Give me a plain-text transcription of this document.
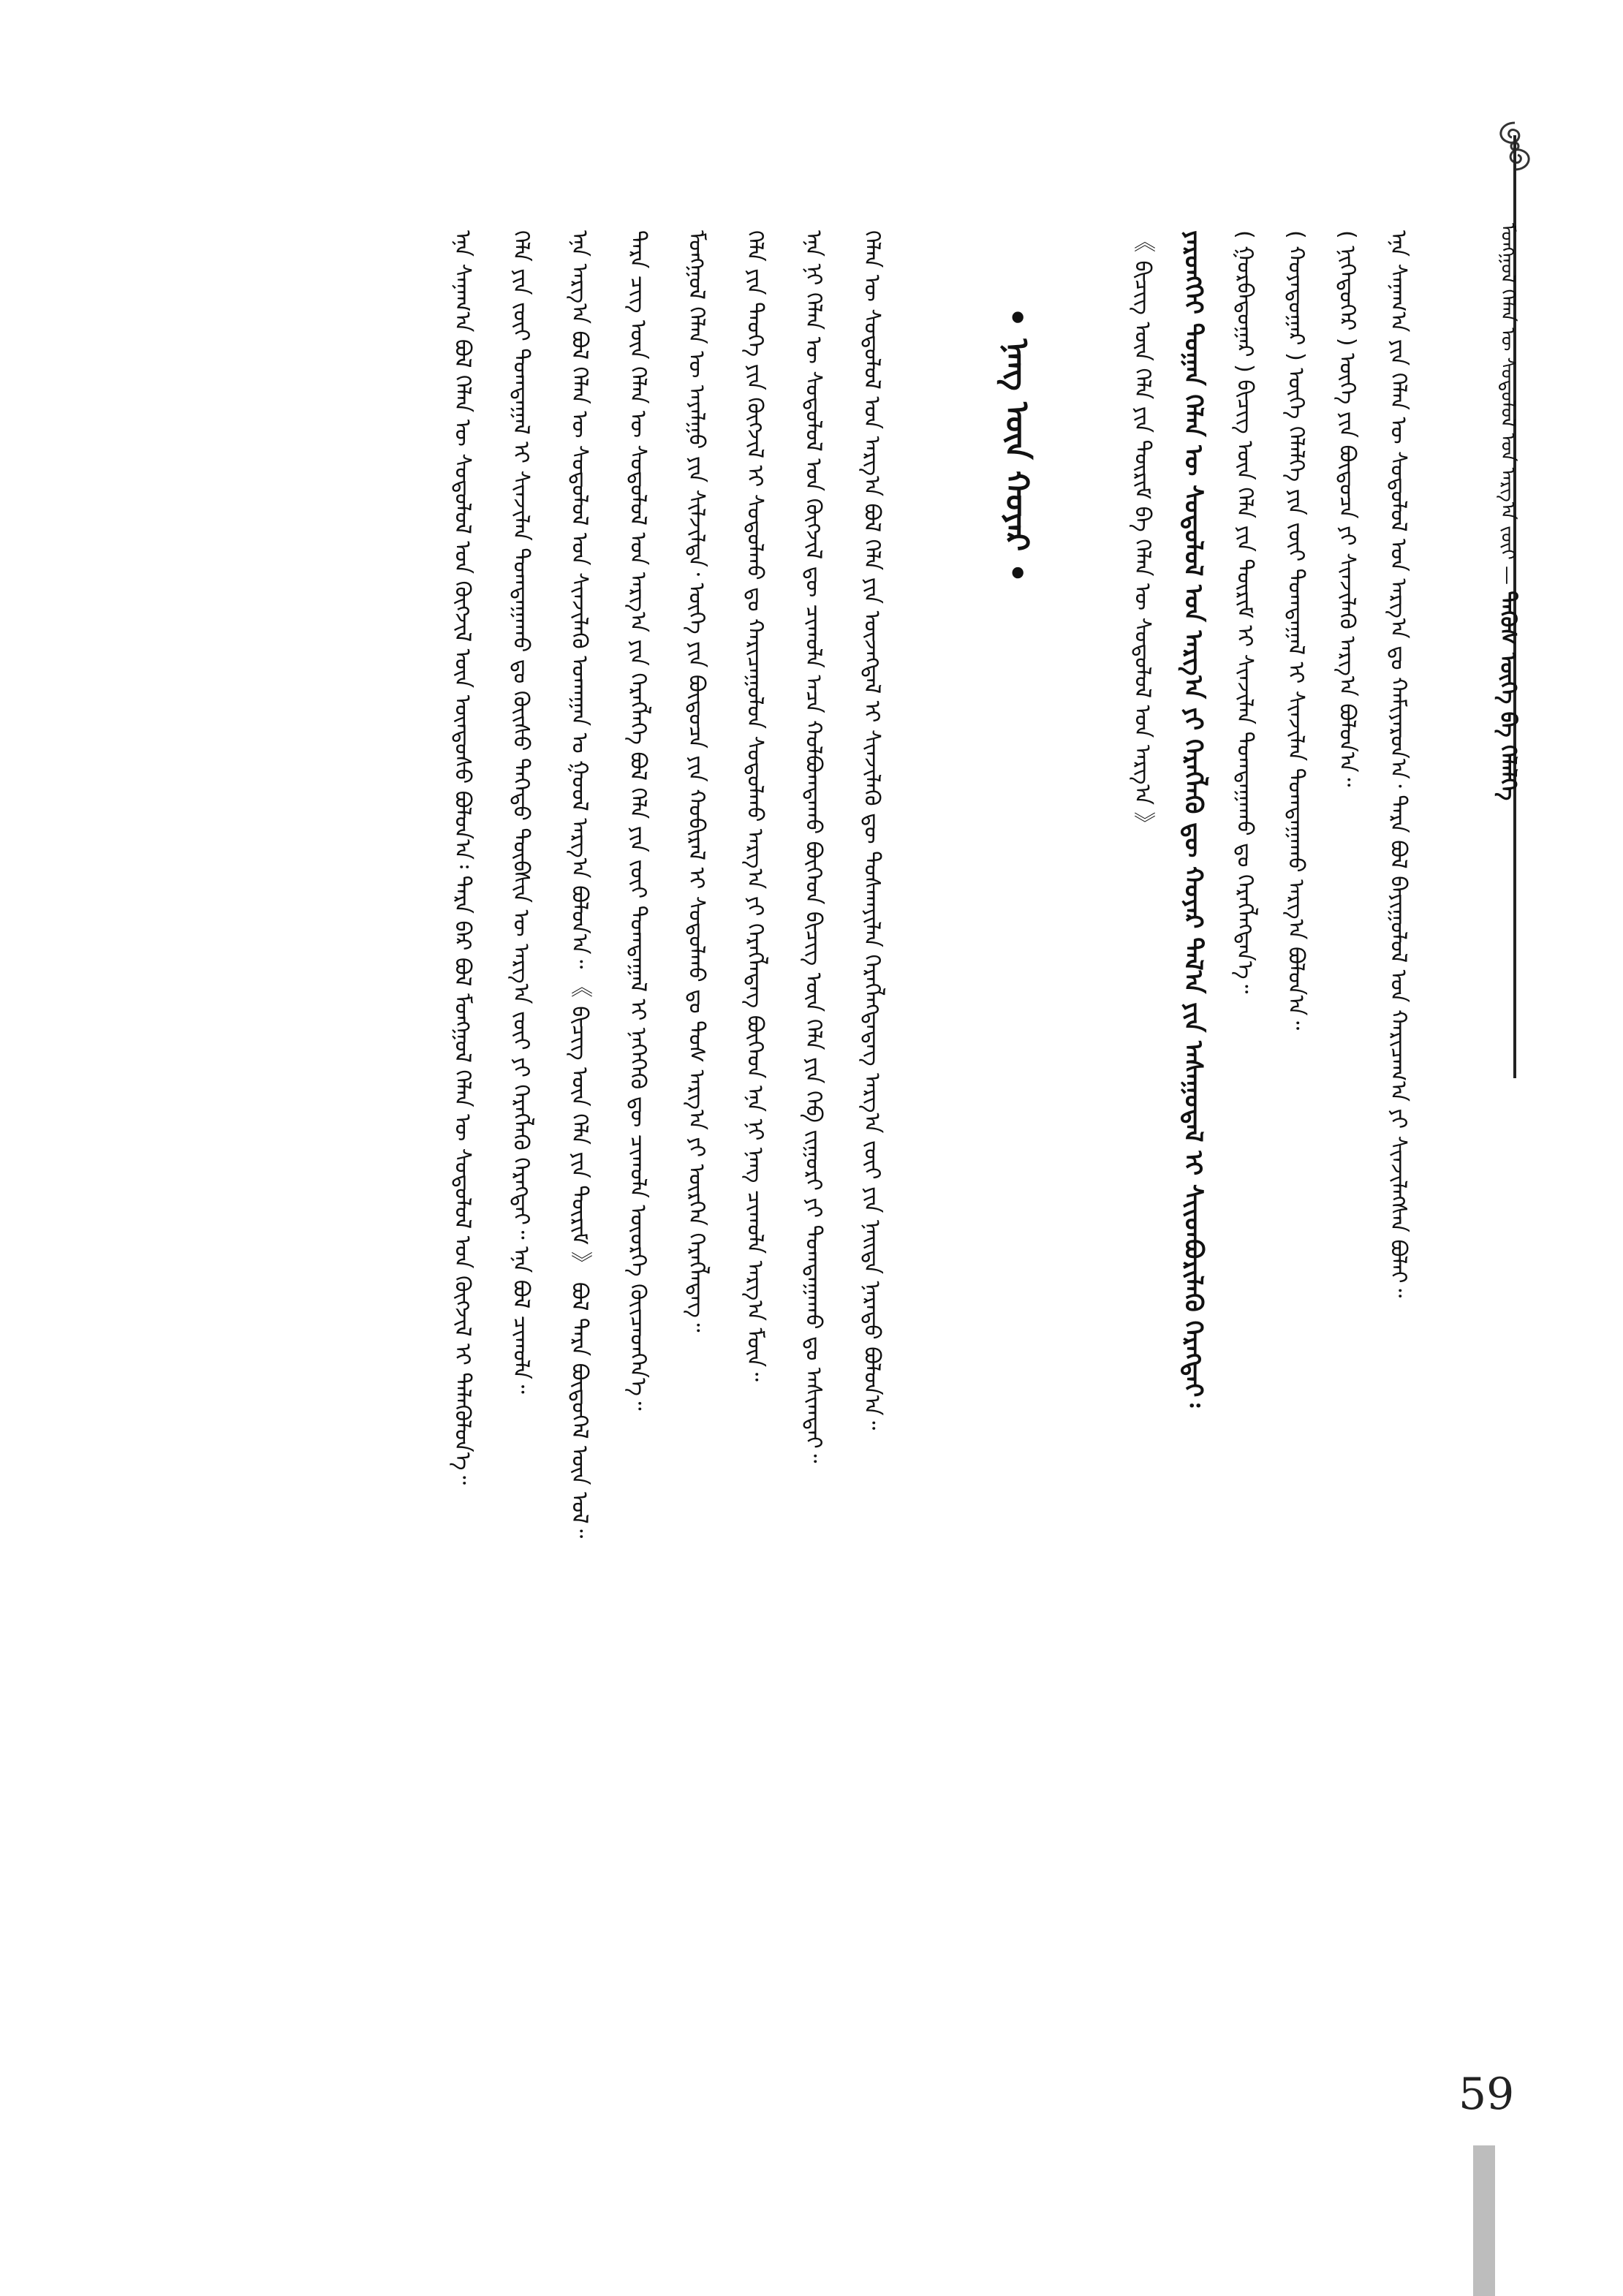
ᠮᠣᠩᠭᠣᠯ ᠬᠡᠯᠡᠨ ᠦ ᠰᠤᠳᠤᠯᠤᠯ ᠤᠨ ᠠᠷᠭ᠎ᠠ ᠵᠦᠢ — ᠲᠡᠭᠦᠰ ᠦᠭᠡ ᠪᠠ ᠬᠡᠯᠡᠯᠭᠡ
ᠡᠨᠡ ᠰᠠᠨᠠᠭ᠎ᠠ ᠶᠢᠨ ᠬᠡᠯᠡᠨ ᠦ ᠰᠤᠳᠤᠯᠤᠯ ᠤᠨ ᠠᠷᠭ᠎ᠠ ᠳᠤ ᠬᠠᠮᠢᠶᠠᠷᠤᠨ᠎ᠠ᠂ ᠲᠡᠷᠡ ᠪᠣᠯ ᠪᠠᠶᠢᠭᠤᠯᠤᠯ ᠤᠨ ᠬᠠᠷᠢᠴᠠᠭ᠎ᠠ ᠶᠢ ᠰᠢᠨᠵᠢᠯᠡᠭᠰᠡᠨ ᠪᠣᠯᠠᠢ᠃
( ᠨᠢᠭᠡᠳᠦᠭᠡᠷ ) ᠦᠭᠡ ᠶᠢᠨ ᠪᠦᠲᠦᠴᠡ ᠶᠢ ᠰᠢᠨᠵᠢᠯᠡᠬᠦ ᠠᠷᠭ᠎ᠠ ᠪᠣᠯᠤᠨ᠎ᠠ᠃
( ᠬᠣᠶᠠᠳᠤᠭᠠᠷ ) ᠦᠭᠡ ᠬᠡᠯᠡᠯᠭᠡ ᠶᠢᠨ ᠵᠦᠢ ᠲᠣᠭᠲᠠᠭᠠᠯ ᠢ ᠰᠢᠨᠵᠢᠯᠡᠨ ᠲᠣᠭᠲᠠᠭᠠᠬᠤ ᠠᠷᠭ᠎ᠠ ᠪᠣᠯᠤᠨ᠎ᠠ᠃
( ᠭᠤᠷᠪᠠᠳᠤᠭᠠᠷ ) ᠪᠢᠴᠢᠭ ᠦᠨ ᠬᠡᠯᠡ ᠶᠢᠨ ᠳᠦᠷᠢᠮ ᠢ ᠰᠢᠨᠵᠢᠯᠡᠨ ᠲᠣᠭᠲᠠᠭᠠᠬᠤ ᠳᠤ ᠬᠡᠷᠡᠭᠯᠡᠭᠳᠡᠨ᠎ᠡ᠃
ᠶᠡᠷᠦᠩᠬᠡᠢ ᠲᠣᠭᠠᠨ ᠬᠡᠯᠡᠨ ᠦ ᠰᠤᠳᠤᠯᠤᠯ ᠤᠨ ᠠᠷᠭ᠎ᠠ ᠶᠢ ᠬᠡᠷᠡᠭᠯᠡᠬᠦ ᠳᠦ ᠬᠣᠶᠠᠷ ᠲᠠᠯ᠎ᠠ ᠶᠢᠨ ᠠᠰᠠᠭᠤᠳᠠᠯ ᠢ ᠰᠢᠢᠳᠪᠦᠷᠢᠯᠡᠬᠦ ᠬᠡᠷᠡᠭᠲᠡᠢ᠄
《 ᠪᠢᠴᠢᠭ ᠦᠨ ᠬᠡᠯᠡ ᠶᠢᠨ ᠳᠦᠷᠢᠮ ᠪᠠ ᠬᠡᠯᠡᠨ ᠦ ᠰᠤᠳᠤᠯᠤᠯ ᠤᠨ ᠠᠷᠭ᠎ᠠ 》
• ᠨᠡᠩ ᠦᠨ ᠬᠣᠶᠠᠷ •
ᠬᠡᠯᠡᠨ ᠦ ᠰᠤᠳᠤᠯᠤᠯ ᠤᠨ ᠠᠷᠭ᠎ᠠ ᠪᠣᠯ ᠬᠡᠯᠡ ᠶᠢᠨ ᠦᠵᠡᠭᠳᠡᠯ ᠢ ᠰᠢᠨᠵᠢᠯᠡᠬᠦ ᠳᠦ ᠲᠤᠰᠬᠠᠶᠢᠯᠠᠨ ᠬᠡᠷᠡᠭᠯᠡᠭᠳᠡᠳᠡᠭ ᠠᠷᠭ᠎ᠠ ᠵᠦᠢ ᠶᠢᠨ ᠨᠡᠢᠲᠡ ᠨᠡᠷᠡᠲᠦ ᠪᠣᠯᠤᠨ᠎ᠠ᠃
ᠡᠨᠡ ᠨᠢ ᠬᠡᠯᠡᠨ ᠦ ᠰᠤᠳᠤᠯᠤᠯ ᠤᠨ ᠬᠥᠭᠵᠢᠯ ᠳᠦ ᠴᠢᠬᠤᠯᠠ ᠠᠴᠠ ᠬᠣᠯᠪᠣᠭᠳᠠᠬᠤ ᠪᠥᠭᠡᠳ ᠪᠢᠴᠢᠭ ᠦᠨ ᠬᠡᠯᠡ ᠶᠢᠨ ᠬᠡᠪ ᠵᠢᠭᠤᠷᠢ ᠶᠢ ᠲᠣᠭᠲᠠᠭᠠᠬᠤ ᠳᠤ ᠠᠰᠢᠭᠲᠠᠢ᠃
ᠬᠡᠯᠡ ᠶᠢᠨ ᠲᠡᠦᠬᠡ ᠶᠢᠨ ᠬᠥᠭᠵᠢᠯ ᠢ ᠰᠤᠳᠤᠯᠬᠤ ᠳᠤ ᠬᠠᠷᠢᠴᠠᠭᠤᠯᠤᠨ ᠰᠤᠳᠤᠯᠬᠤ ᠠᠷᠭ᠎ᠠ ᠶᠢ ᠬᠡᠷᠡᠭᠯᠡᠳᠡᠭ ᠪᠥᠭᠡᠳ ᠡᠨᠡ ᠨᠢ ᠨᠡᠩ ᠴᠢᠬᠤᠯᠠ ᠠᠷᠭ᠎ᠠ ᠮᠥᠨ᠃
ᠮᠣᠩᠭᠣᠯ ᠬᠡᠯᠡᠨ ᠦ ᠠᠶᠠᠯᠭᠤ ᠶᠢᠨ ᠰᠢᠯᠵᠢᠯᠲᠡ᠂ ᠦᠭᠡ ᠶᠢᠨ ᠪᠦᠲᠦᠴᠡ ᠶᠢᠨ ᠬᠤᠪᠢᠷᠠᠯ ᠢ ᠰᠤᠳᠤᠯᠬᠤ ᠳᠤ ᠲᠤᠰ ᠠᠷᠭ᠎ᠠ ᠶᠢ ᠥᠷᠭᠡᠨ ᠬᠡᠷᠡᠭᠯᠡᠳᠡᠭ᠃
ᠲᠡᠷᠡ ᠴᠢᠭ ᠦᠨ ᠬᠡᠯᠡᠨ ᠦ ᠰᠤᠳᠤᠯᠤᠯ ᠤᠨ ᠠᠷᠭ᠎ᠠ ᠶᠢᠨ ᠬᠡᠷᠡᠭᠯᠡᠭᠡ ᠪᠣᠯ ᠬᠡᠯᠡ ᠶᠢᠨ ᠵᠦᠢ ᠲᠣᠭᠲᠠᠭᠠᠯ ᠢ ᠨᠡᠭᠡᠭᠡᠬᠦ ᠳᠦ ᠴᠢᠬᠤᠯᠠ ᠦᠦᠷᠭᠡ ᠭᠦᠢᠴᠡᠳᠭᠡᠨ᠎ᠡ᠃
ᠡᠨᠡ ᠠᠷᠭ᠎ᠠ ᠪᠣᠯ ᠬᠡᠯᠡᠨ ᠦ ᠰᠤᠳᠤᠯᠤᠯ ᠤᠨ ᠰᠢᠨᠵᠢᠯᠡᠬᠦ ᠤᠬᠠᠭᠠᠨ ᠤ ᠭᠣᠣᠯ ᠠᠷᠭ᠎ᠠ ᠪᠣᠯᠤᠨ᠎ᠠ᠃ 《 ᠪᠢᠴᠢᠭ ᠦᠨ ᠬᠡᠯᠡ ᠶᠢᠨ ᠳᠦᠷᠢᠮ 》 ᠪᠣᠯ ᠲᠡᠷᠡ ᠪᠦᠲᠦᠭᠡᠯ ᠦᠨ ᠤᠯ᠃
ᠬᠡᠯᠡ ᠶᠢᠨ ᠵᠦᠢ ᠲᠣᠭᠲᠠᠭᠠᠯ ᠢ ᠰᠢᠨᠵᠢᠯᠡᠨ ᠲᠣᠭᠲᠠᠭᠠᠬᠤ ᠳᠤ ᠬᠦᠢᠰᠦ ᠳᠡᠭᠡᠳᠦ ᠲᠥᠪᠰᠢᠨ ᠦ ᠠᠷᠭ᠎ᠠ ᠵᠦᠢ ᠶᠢ ᠬᠡᠷᠡᠭᠯᠡᠬᠦ ᠬᠡᠷᠡᠭᠲᠡᠢ᠃ ᠡᠨᠡ ᠪᠣᠯ ᠴᠢᠬᠤᠯᠠ᠃
ᠡᠨᠡ ᠰᠠᠨᠠᠭ᠎ᠠ ᠪᠣᠯ ᠬᠡᠯᠡᠨ ᠦ ᠰᠤᠳᠤᠯᠤᠯ ᠤᠨ ᠬᠥᠭᠵᠢᠯ ᠦᠨ ᠦᠨᠳᠦᠰᠦ ᠪᠣᠯᠤᠨ᠎ᠠ᠄ ᠲᠡᠷᠡ ᠪᠡᠷ ᠪᠣᠯ ᠮᠣᠩᠭᠣᠯ ᠬᠡᠯᠡᠨ ᠦ ᠰᠤᠳᠤᠯᠤᠯ ᠤᠨ ᠬᠥᠭᠵᠢᠯ ᠢ ᠲᠡᠯᠡᠭᠦᠯᠦᠨ᠎ᠡ᠃
59
